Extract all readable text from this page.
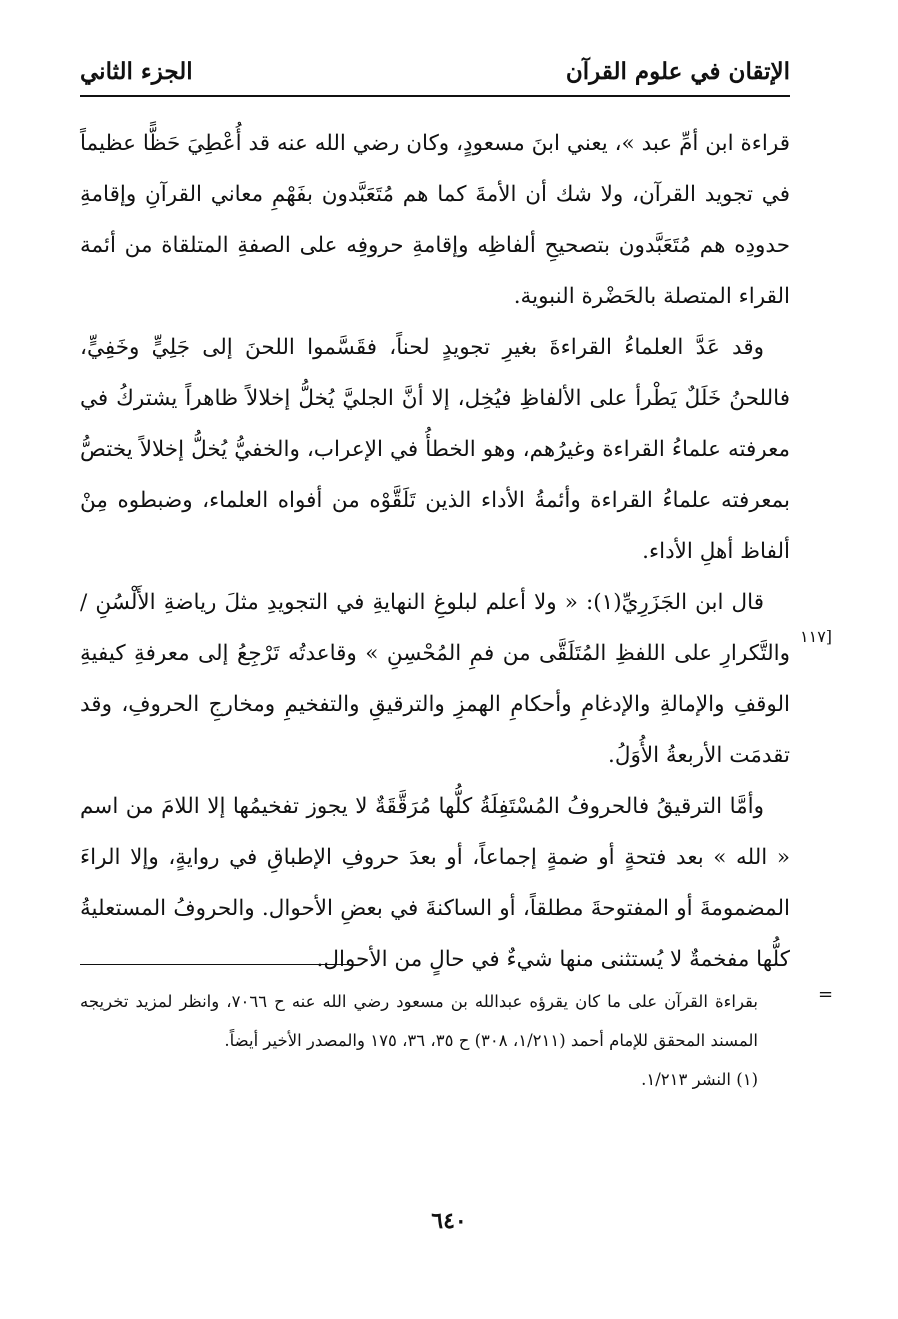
الإتقان في علوم القرآن
الجزء الثاني

قراءة ابن أمِّ عبد »، يعني ابنَ مسعودٍ، وكان رضي الله عنه قد أُعْطِيَ حَظًّا عظيماً في تجويد القرآن، ولا شك أن الأمةَ كما هم مُتَعَبَّدون بفَهْمِ معاني القرآنِ وإقامةِ حدودِه هم مُتَعَبَّدون بتصحيحِ ألفاظِه وإقامةِ حروفِه على الصفةِ المتلقاة من أئمة القراء المتصلة بالحَضْرة النبوية.

وقد عَدَّ العلماءُ القراءةَ بغيرِ تجويدٍ لحناً، فقَسَّموا اللحنَ إلى جَلِيٍّ وخَفِيٍّ، فاللحنُ خَلَلٌ يَطْرأ على الألفاظِ فيُخِل، إلا أنَّ الجليَّ يُخلُّ إخلالاً ظاهراً يشتركُ في معرفته علماءُ القراءة وغيرُهم، وهو الخطأُ في الإعراب، والخفيُّ يُخلُّ إخلالاً يختصُّ بمعرفته علماءُ القراءة وأئمةُ الأداء الذين تَلَقَّوْه من أفواه العلماء، وضبطوه مِنْ ألفاظ أهلِ الأداء.

قال ابن الجَزَرِيِّ(١): « ولا أعلم لبلوغِ النهايةِ في التجويدِ مثلَ رياضةِ الأَلْسُنِ / والتَّكرارِ على اللفظِ المُتَلَقَّى من فمِ المُحْسِنِ » وقاعدتُه تَرْجِعُ إلى معرفةِ كيفيةِ الوقفِ والإمالةِ والإدغامِ وأحكامِ الهمزِ والترقيقِ والتفخيمِ ومخارجِ الحروفِ، وقد تقدمَت الأربعةُ الأُوَلُ.

وأمَّا الترقيقُ فالحروفُ المُسْتَفِلَةُ كلُّها مُرَقَّقَةٌ لا يجوز تفخيمُها إلا اللامَ من اسم « الله » بعد فتحةٍ أو ضمةٍ إجماعاً، أو بعدَ حروفِ الإطباقِ في روايةٍ، وإلا الراءَ المضمومةَ أو المفتوحةَ مطلقاً، أو الساكنةَ في بعضِ الأحوال. والحروفُ المستعليةُ كلُّها مفخمةٌ لا يُستثنى منها شيءٌ في حالٍ من الأحوال.

[١١٧
=

بقراءة القرآن على ما كان يقرؤه عبدالله بن مسعود رضي الله عنه ح ٧٠٦٦، وانظر لمزيد تخريجه المسند المحقق للإمام أحمد (١/٢١١، ٣٠٨) ح ٣٥، ٣٦، ١٧٥ والمصدر الأخير أيضاً.

(١) النشر ١/٢١٣.

٦٤٠
